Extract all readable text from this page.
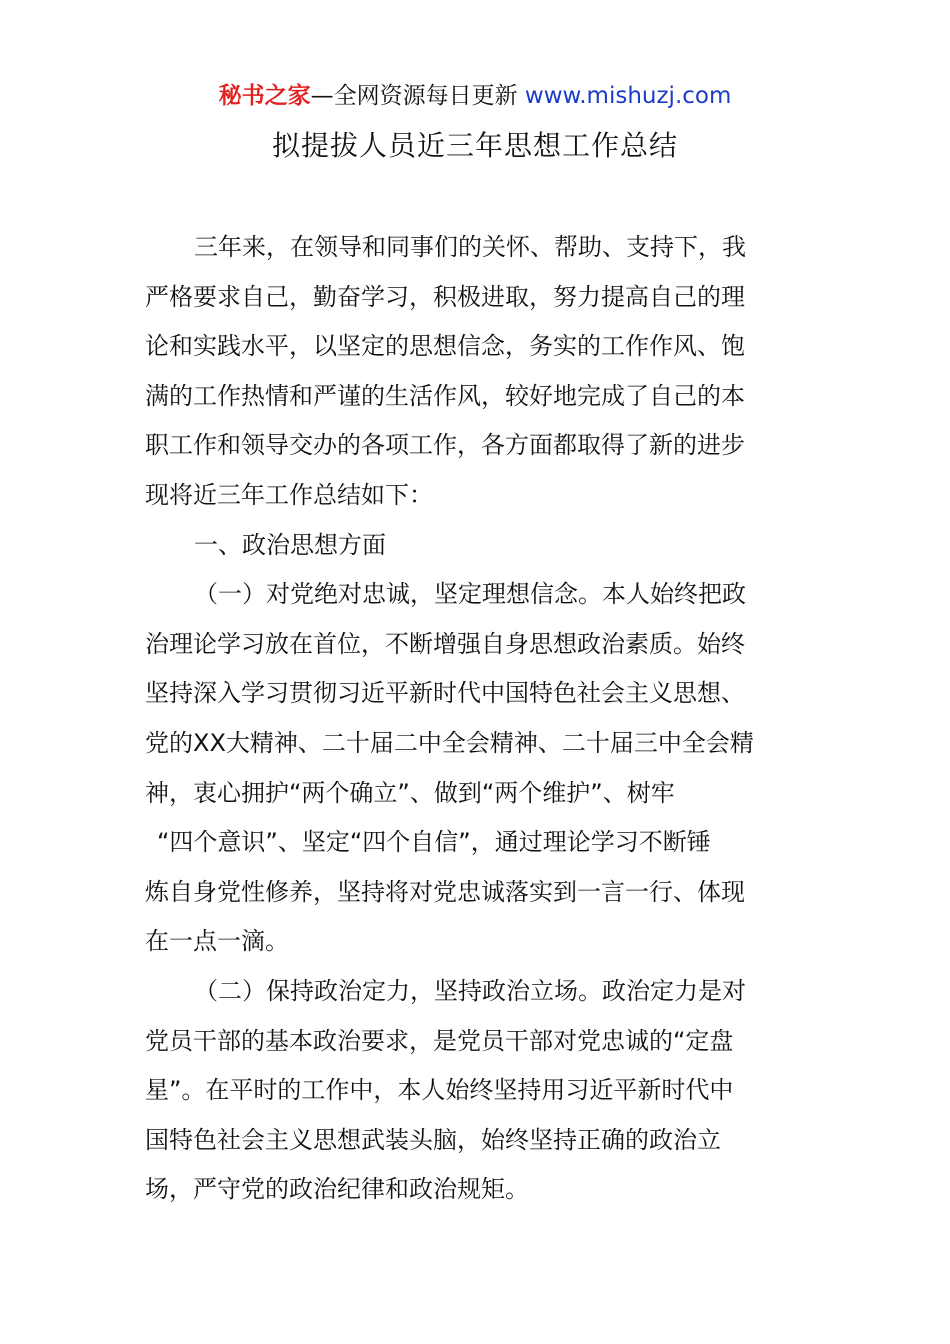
秘书之家—全网资源每日更新 www.mishuzj.com
拟提拔人员近三年思想工作总结
三年来，在领导和同事们的关怀、帮助、支持下，我
严格要求自己，勤奋学习，积极进取，努力提高自己的理
论和实践水平，以坚定的思想信念，务实的工作作风、饱
满的工作热情和严谨的生活作风，较好地完成了自己的本
职工作和领导交办的各项工作，各方面都取得了新的进步
现将近三年工作总结如下：
一、政治思想方面
（一）对党绝对忠诚，坚定理想信念。本人始终把政
治理论学习放在首位，不断增强自身思想政治素质。始终
坚持深入学习贯彻习近平新时代中国特色社会主义思想、
党的XX大精神、二十届二中全会精神、二十届三中全会精
神，衷心拥护“两个确立”、做到“两个维护”、树牢
“四个意识”、坚定“四个自信”，通过理论学习不断锤
炼自身党性修养，坚持将对党忠诚落实到一言一行、体现
在一点一滴。
（二）保持政治定力，坚持政治立场。政治定力是对
党员干部的基本政治要求，是党员干部对党忠诚的“定盘
星”。在平时的工作中，本人始终坚持用习近平新时代中
国特色社会主义思想武装头脑，始终坚持正确的政治立
场，严守党的政治纪律和政治规矩。
